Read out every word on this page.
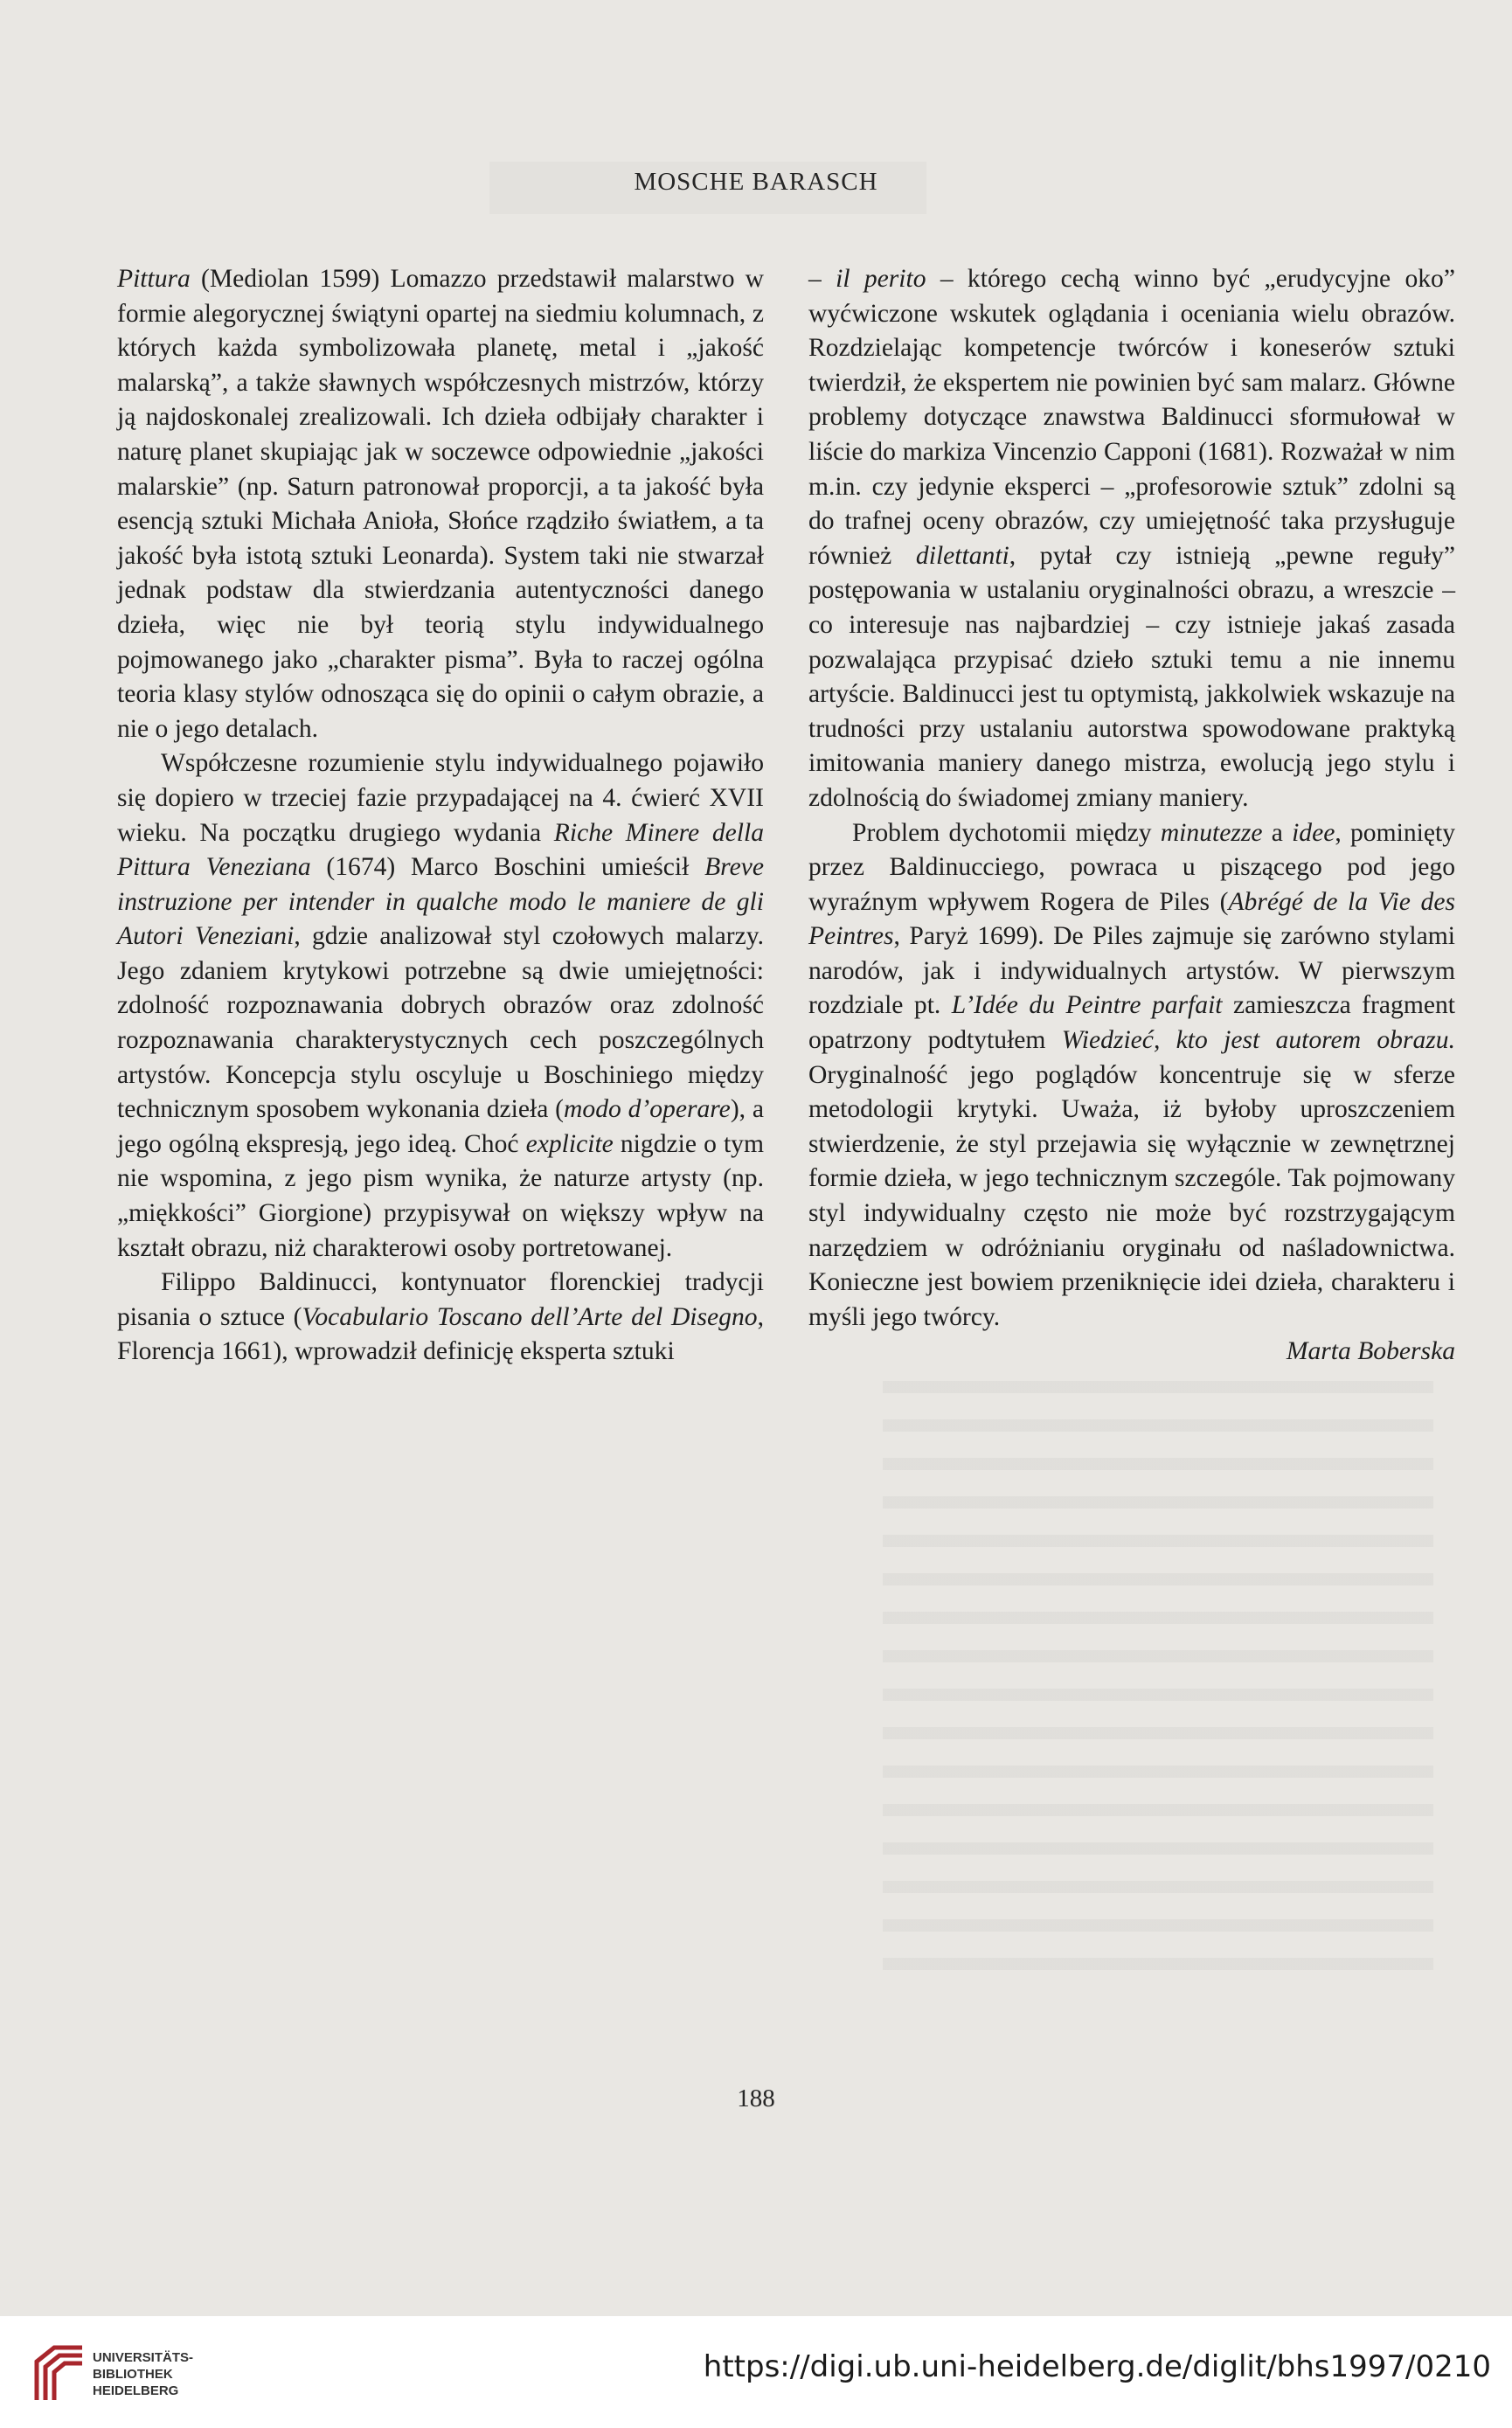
MOSCHE BARASCH

Pittura (Mediolan 1599) Lomazzo przedstawił malarstwo w formie alegorycznej świątyni opartej na siedmiu kolumnach, z których każda symbolizowała planetę, metal i „jakość malarską”, a także sławnych współczesnych mistrzów, którzy ją najdoskonalej zrealizowali. Ich dzieła odbijały charakter i naturę planet skupiając jak w soczewce odpowiednie „jakości malarskie” (np. Saturn patronował proporcji, a ta jakość była esencją sztuki Michała Anioła, Słońce rządziło światłem, a ta jakość była istotą sztuki Leonarda). System taki nie stwarzał jednak podstaw dla stwierdzania autentyczności danego dzieła, więc nie był teorią stylu indywidualnego pojmowanego jako „charakter pisma”. Była to raczej ogólna teoria klasy stylów odnosząca się do opinii o całym obrazie, a nie o jego detalach.

Współczesne rozumienie stylu indywidualnego pojawiło się dopiero w trzeciej fazie przypadającej na 4. ćwierć XVII wieku. Na początku drugiego wydania Riche Minere della Pittura Veneziana (1674) Marco Boschini umieścił Breve instruzione per intender in qualche modo le maniere de gli Autori Veneziani, gdzie analizował styl czołowych malarzy. Jego zdaniem krytykowi potrzebne są dwie umiejętności: zdolność rozpoznawania dobrych obrazów oraz zdolność rozpoznawania charakterystycznych cech poszczególnych artystów. Koncepcja stylu oscyluje u Boschiniego między technicznym sposobem wykonania dzieła (modo d’operare), a jego ogólną ekspresją, jego ideą. Choć explicite nigdzie o tym nie wspomina, z jego pism wynika, że naturze artysty (np. „miękkości” Giorgione) przypisywał on większy wpływ na kształt obrazu, niż charakterowi osoby portretowanej.

Filippo Baldinucci, kontynuator florenckiej tradycji pisania o sztuce (Vocabulario Toscano dell’Arte del Disegno, Florencja 1661), wprowadził definicję eksperta sztuki

– il perito – którego cechą winno być „erudycyjne oko” wyćwiczone wskutek oglądania i oceniania wielu obrazów. Rozdzielając kompetencje twórców i koneserów sztuki twierdził, że ekspertem nie powinien być sam malarz. Główne problemy dotyczące znawstwa Baldinucci sformułował w liście do markiza Vincenzio Capponi (1681). Rozważał w nim m.in. czy jedynie eksperci – „profesorowie sztuk” zdolni są do trafnej oceny obrazów, czy umiejętność taka przysługuje również dilettanti, pytał czy istnieją „pewne reguły” postępowania w ustalaniu oryginalności obrazu, a wreszcie – co interesuje nas najbardziej – czy istnieje jakaś zasada pozwalająca przypisać dzieło sztuki temu a nie innemu artyście. Baldinucci jest tu optymistą, jakkolwiek wskazuje na trudności przy ustalaniu autorstwa spowodowane praktyką imitowania maniery danego mistrza, ewolucją jego stylu i zdolnością do świadomej zmiany maniery.

Problem dychotomii między minutezze a idee, pominięty przez Baldinucciego, powraca u piszącego pod jego wyraźnym wpływem Rogera de Piles (Abrégé de la Vie des Peintres, Paryż 1699). De Piles zajmuje się zarówno stylami narodów, jak i indywidualnych artystów. W pierwszym rozdziale pt. L’Idée du Peintre parfait zamieszcza fragment opatrzony podtytułem Wiedzieć, kto jest autorem obrazu. Oryginalność jego poglądów koncentruje się w sferze metodologii krytyki. Uważa, iż byłoby uproszczeniem stwierdzenie, że styl przejawia się wyłącznie w zewnętrznej formie dzieła, w jego technicznym szczególe. Tak pojmowany styl indywidualny często nie może być rozstrzygającym narzędziem w odróżnianiu oryginału od naśladownictwa. Konieczne jest bowiem przeniknięcie idei dzieła, charakteru i myśli jego twórcy.

Marta Boberska

188
UNIVERSITÄTS-
BIBLIOTHEK
HEIDELBERG
https://digi.ub.uni-heidelberg.de/diglit/bhs1997/0210
